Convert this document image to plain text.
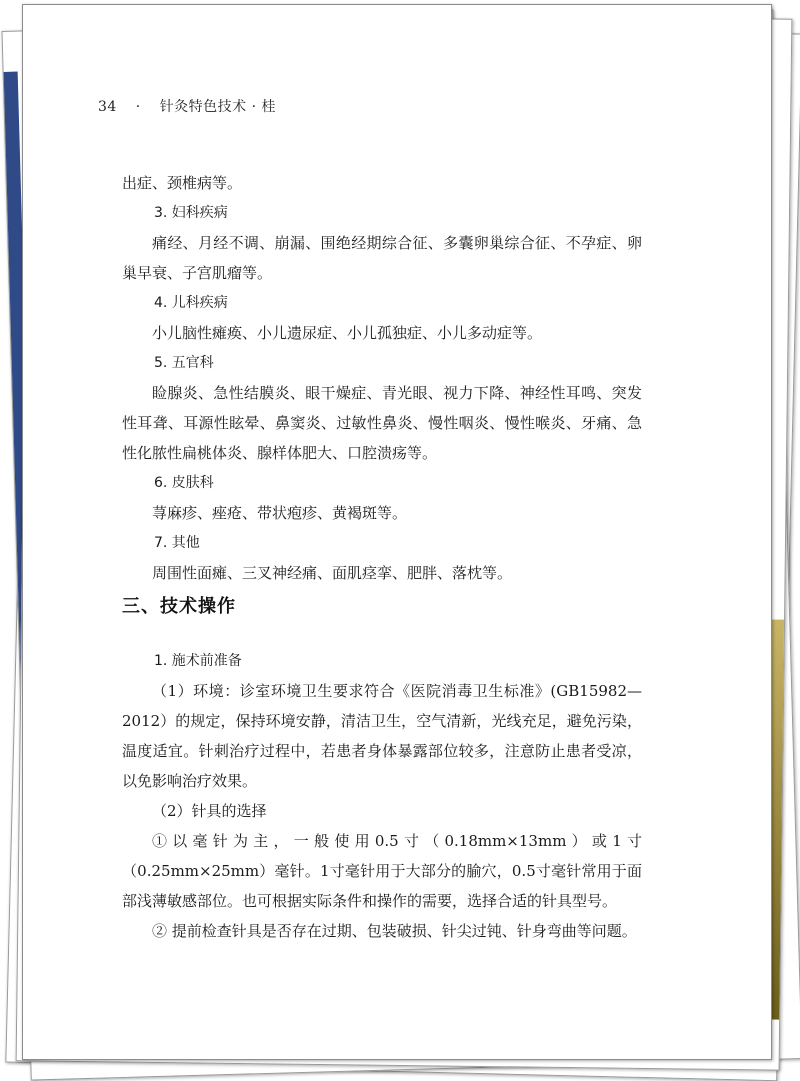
34 · 针灸特色技术 · 桂

出症、颈椎病等。

3. 妇科疾病

痛经、月经不调、崩漏、围绝经期综合征、多囊卵巢综合征、不孕症、卵巢早衰、子宫肌瘤等。

4. 儿科疾病

小儿脑性瘫痪、小儿遗尿症、小儿孤独症、小儿多动症等。

5. 五官科

睑腺炎、急性结膜炎、眼干燥症、青光眼、视力下降、神经性耳鸣、突发性耳聋、耳源性眩晕、鼻窦炎、过敏性鼻炎、慢性咽炎、慢性喉炎、牙痛、急性化脓性扁桃体炎、腺样体肥大、口腔溃疡等。

6. 皮肤科

荨麻疹、痤疮、带状疱疹、黄褐斑等。

7. 其他

周围性面瘫、三叉神经痛、面肌痉挛、肥胖、落枕等。

三、技术操作

1. 施术前准备

（1）环境：诊室环境卫生要求符合《医院消毒卫生标准》(GB15982—2012）的规定，保持环境安静，清洁卫生，空气清新，光线充足，避免污染，温度适宜。针刺治疗过程中，若患者身体暴露部位较多，注意防止患者受凉，以免影响治疗效果。

（2）针具的选择

①以毫针为主，一般使用0.5寸（0.18mm×13mm）或1寸（0.25mm×25mm）毫针。1寸毫针用于大部分的腧穴，0.5寸毫针常用于面部浅薄敏感部位。也可根据实际条件和操作的需要，选择合适的针具型号。

② 提前检查针具是否存在过期、包装破损、针尖过钝、针身弯曲等问题。
